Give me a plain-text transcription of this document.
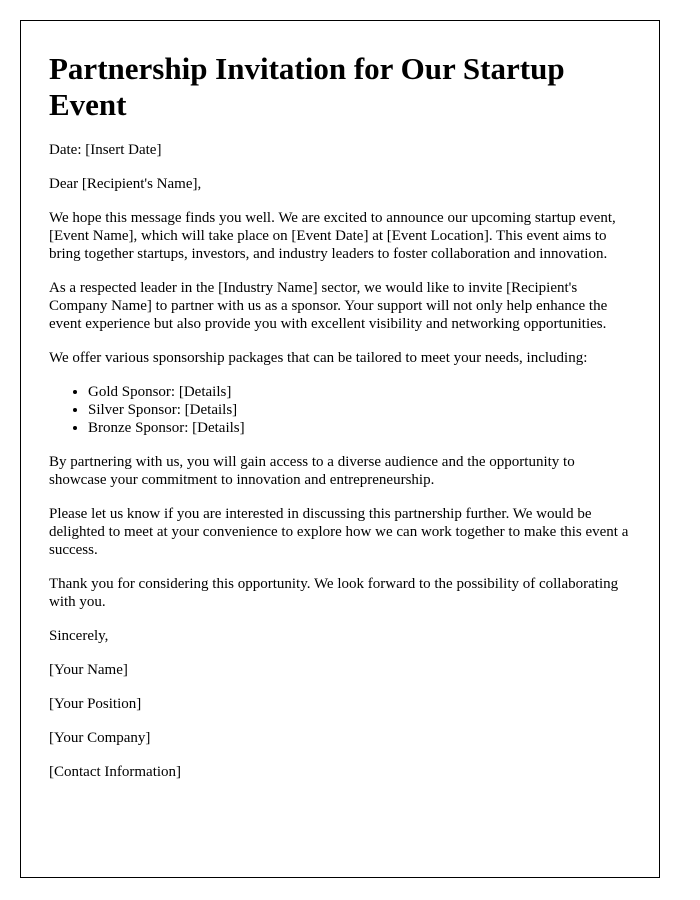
Partnership Invitation for Our Startup Event

Date: [Insert Date]

Dear [Recipient's Name],

We hope this message finds you well. We are excited to announce our upcoming startup event, [Event Name], which will take place on [Event Date] at [Event Location]. This event aims to bring together startups, investors, and industry leaders to foster collaboration and innovation.

As a respected leader in the [Industry Name] sector, we would like to invite [Recipient's Company Name] to partner with us as a sponsor. Your support will not only help enhance the event experience but also provide you with excellent visibility and networking opportunities.

We offer various sponsorship packages that can be tailored to meet your needs, including:

• Gold Sponsor: [Details]
• Silver Sponsor: [Details]
• Bronze Sponsor: [Details]

By partnering with us, you will gain access to a diverse audience and the opportunity to showcase your commitment to innovation and entrepreneurship.

Please let us know if you are interested in discussing this partnership further. We would be delighted to meet at your convenience to explore how we can work together to make this event a success.

Thank you for considering this opportunity. We look forward to the possibility of collaborating with you.

Sincerely,

[Your Name]

[Your Position]

[Your Company]

[Contact Information]
